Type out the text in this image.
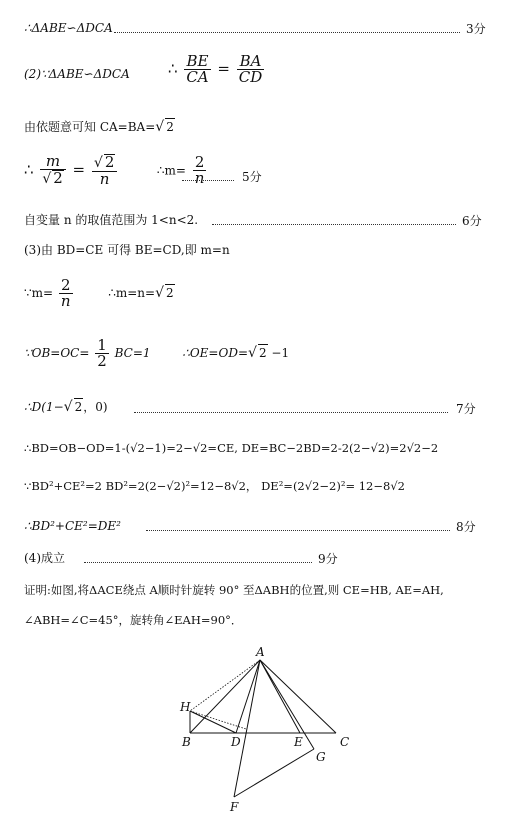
∴ΔABE∽ΔDCA	3分
(2)∵ΔABE∽ΔDCA	∴ $\frac{BE}{CA} = \frac{BA}{CD}$
由依题意可知 CA=BA=√ 2
∴ $\frac{m}{√ 2} = \frac{√ 2}{n}$	∴m= $\frac{2}{n}$	5分
自变量 n 的取值范围为 1<n<2.	6分
(3)由 BD=CE 可得 BE=CD,即 m=n
∵m= $\frac{2}{n}$	∴m=n=√ 2
∵OB=OC= $\frac{1}{2} BC=1$	∴OE=OD=√ 2 −1
∴D(1−√ 2，0)	7分
∴BD=OB−OD=1-(√2−1)=2−√2=CE, DE=BC−2BD=2-2(2−√2)=2√2−2
∵BD²+CE²=2 BD²=2(2−√2)²=12−8√2， DE²=(2√2−2)²= 12−8√2
∴BD²+CE²=DE²	8分
(4)成立	9分
证明:如图,将ΔACE绕点 A顺时针旋转 90° 至ΔABH的位置,则 CE=HB, AE=AH,
∠ABH=∠C=45°，旋转角∠EAH=90°．
A
H
B	D	E	C
G
F
